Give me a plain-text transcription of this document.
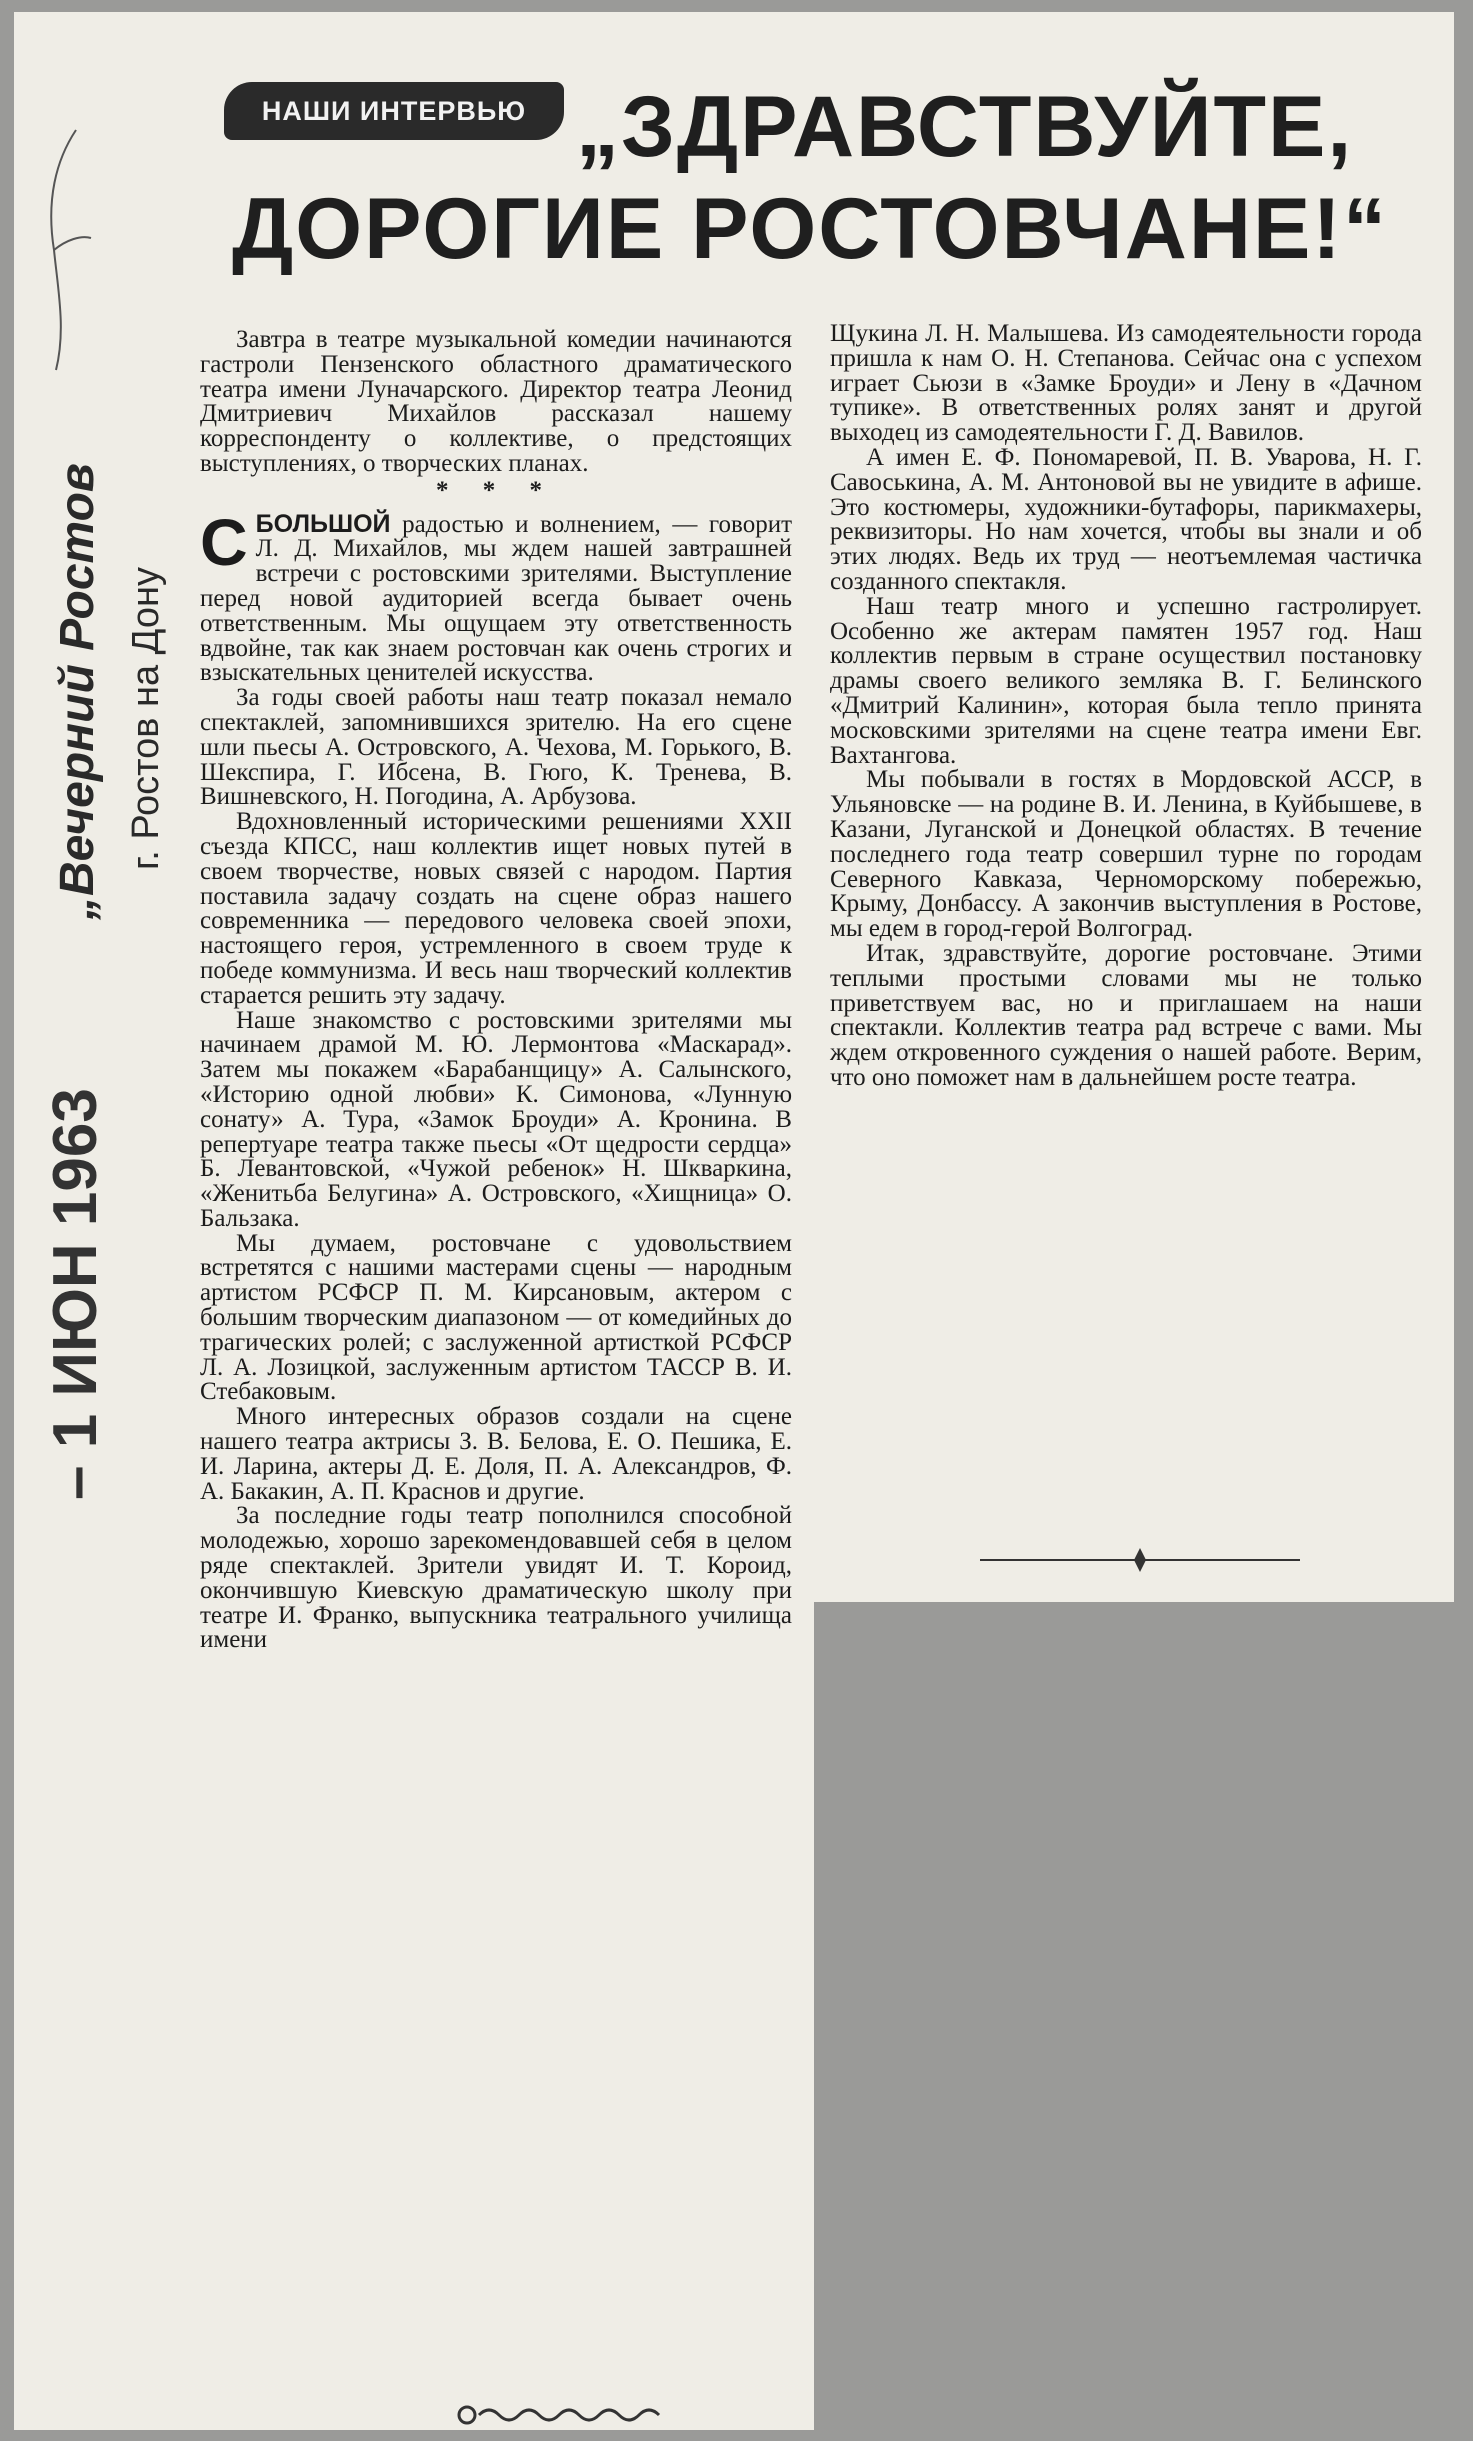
НАШИ ИНТЕРВЬЮ „ЗДРАВСТВУЙТЕ,
ДОРОГИЕ РОСТОВЧАНЕ!“
„Вечерний Ростов г. Ростов на Дону
– 1 ИЮН 1963

Завтра в театре музыкальной комедии начинаются гастроли Пензенского областного драматического театра имени Луначарского. Директор театра Леонид Дмитриевич Михайлов рассказал нашему корреспонденту о коллективе, о предстоящих выступлениях, о творческих планах.

* * *

СБОЛЬШОЙ радостью и волнением, — говорит Л. Д. Михайлов, мы ждем нашей завтрашней встречи с ростовскими зрителями. Выступление перед новой аудиторией всегда бывает очень ответственным. Мы ощущаем эту ответственность вдвойне, так как знаем ростовчан как очень строгих и взыскательных ценителей искусства.

За годы своей работы наш театр показал немало спектаклей, запомнившихся зрителю. На его сцене шли пьесы А. Островского, А. Чехова, М. Горького, В. Шекспира, Г. Ибсена, В. Гюго, К. Тренева, В. Вишневского, Н. Погодина, А. Арбузова.

Вдохновленный историческими решениями XXII съезда КПСС, наш коллектив ищет новых путей в своем творчестве, новых связей с народом. Партия поставила задачу создать на сцене образ нашего современника — передового человека своей эпохи, настоящего героя, устремленного в своем труде к победе коммунизма. И весь наш творческий коллектив старается решить эту задачу.

Наше знакомство с ростовскими зрителями мы начинаем драмой М. Ю. Лермонтова «Маскарад». Затем мы покажем «Барабанщицу» А. Салынского, «Историю одной любви» К. Симонова, «Лунную сонату» А. Тура, «Замок Броуди» А. Кронина. В репертуаре театра также пьесы «От щедрости сердца» Б. Левантовской, «Чужой ребенок» Н. Шкваркина, «Женитьба Белугина» А. Островского, «Хищница» О. Бальзака.

Мы думаем, ростовчане с удовольствием встретятся с нашими мастерами сцены — народным артистом РСФСР П. М. Кирсановым, актером с большим творческим диапазоном — от комедийных до трагических ролей; с заслуженной артисткой РСФСР Л. А. Лозицкой, заслуженным артистом ТАССР В. И. Стебаковым.

Много интересных образов создали на сцене нашего театра актрисы З. В. Белова, Е. О. Пешика, Е. И. Ларина, актеры Д. Е. Доля, П. А. Александров, Ф. А. Бакакин, А. П. Краснов и другие.

За последние годы театр пополнился способной молодежью, хорошо зарекомендовавшей себя в целом ряде спектаклей. Зрители увидят И. Т. Короид, окончившую Киевскую драматическую школу при театре И. Франко, выпускника театрального училища имени

Щукина Л. Н. Малышева. Из самодеятельности города пришла к нам О. Н. Степанова. Сейчас она с успехом играет Сьюзи в «Замке Броуди» и Лену в «Дачном тупике». В ответственных ролях занят и другой выходец из самодеятельности Г. Д. Вавилов.

А имен Е. Ф. Пономаревой, П. В. Уварова, Н. Г. Савоськина, А. М. Антоновой вы не увидите в афише. Это костюмеры, художники-бутафоры, парикмахеры, реквизиторы. Но нам хочется, чтобы вы знали и об этих людях. Ведь их труд — неотъемлемая частичка созданного спектакля.

Наш театр много и успешно гастролирует. Особенно же актерам памятен 1957 год. Наш коллектив первым в стране осуществил постановку драмы своего великого земляка В. Г. Белинского «Дмитрий Калинин», которая была тепло принята московскими зрителями на сцене театра имени Евг. Вахтангова.

Мы побывали в гостях в Мордовской АССР, в Ульяновске — на родине В. И. Ленина, в Куйбышеве, в Казани, Луганской и Донецкой областях. В течение последнего года театр совершил турне по городам Северного Кавказа, Черноморскому побережью, Крыму, Донбассу. А закончив выступления в Ростове, мы едем в город-герой Волгоград.

Итак, здравствуйте, дорогие ростовчане. Этими теплыми простыми словами мы не только приветствуем вас, но и приглашаем на наши спектакли. Коллектив театра рад встрече с вами. Мы ждем откровенного суждения о нашей работе. Верим, что оно поможет нам в дальнейшем росте театра.
